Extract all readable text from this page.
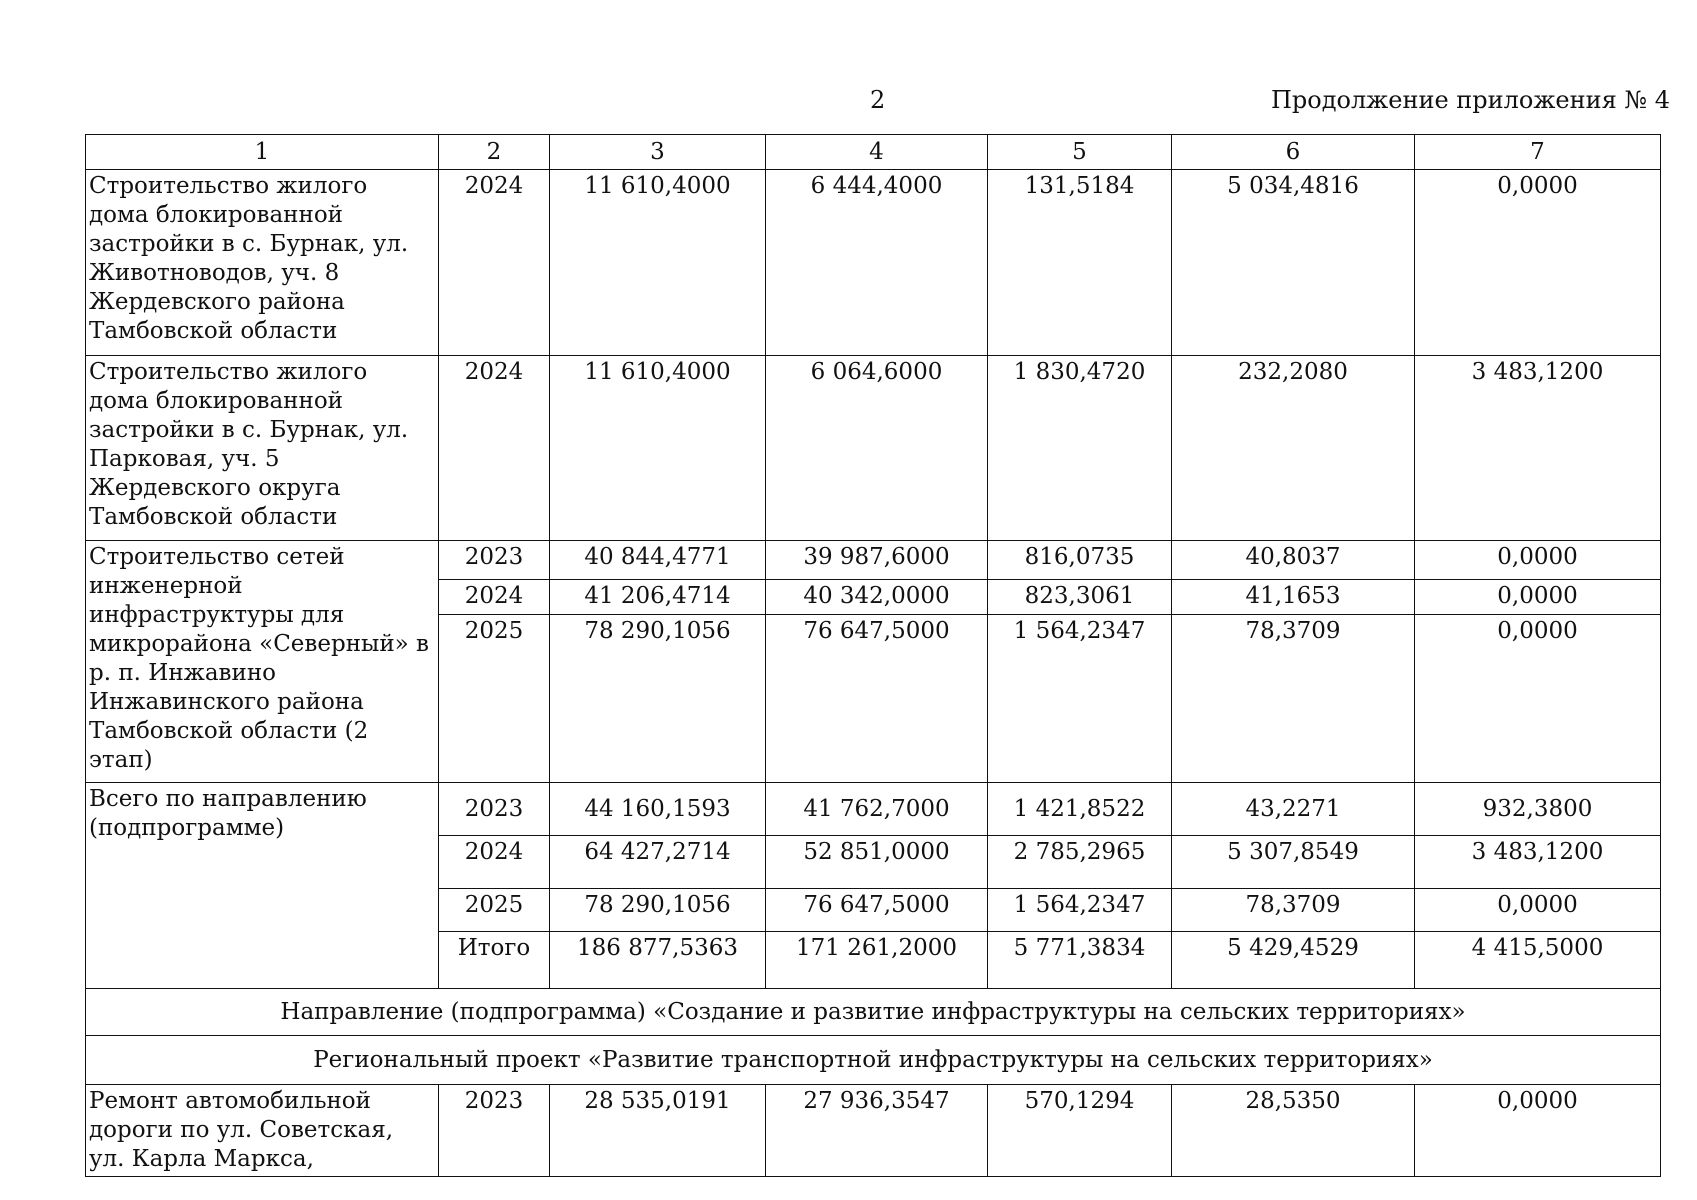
2	Продолжение приложения № 4
1	2	3	4	5	6	7
Строительство жилого дома блокированной застройки в с. Бурнак, ул. Животноводов, уч. 8 Жердевского района Тамбовской области	2024	11 610,4000	6 444,4000	131,5184	5 034,4816	0,0000
Строительство жилого дома блокированной застройки в с. Бурнак, ул. Парковая, уч. 5 Жердевского округа Тамбовской области	2024	11 610,4000	6 064,6000	1 830,4720	232,2080	3 483,1200
Строительство сетей инженерной инфраструктуры для микрорайона «Северный» в р. п. Инжавино Инжавинского района Тамбовской области (2 этап)	2023	40 844,4771	39 987,6000	816,0735	40,8037	0,0000
	2024	41 206,4714	40 342,0000	823,3061	41,1653	0,0000
	2025	78 290,1056	76 647,5000	1 564,2347	78,3709	0,0000
Всего по направлению (подпрограмме)	2023	44 160,1593	41 762,7000	1 421,8522	43,2271	932,3800
	2024	64 427,2714	52 851,0000	2 785,2965	5 307,8549	3 483,1200
	2025	78 290,1056	76 647,5000	1 564,2347	78,3709	0,0000
	Итого	186 877,5363	171 261,2000	5 771,3834	5 429,4529	4 415,5000
Направление (подпрограмма) «Создание и развитие инфраструктуры на сельских территориях»						
Региональный проект «Развитие транспортной инфраструктуры на сельских территориях»						
Ремонт автомобильной дороги по ул. Советская, ул. Карла Маркса,	2023	28 535,0191	27 936,3547	570,1294	28,5350	0,0000
